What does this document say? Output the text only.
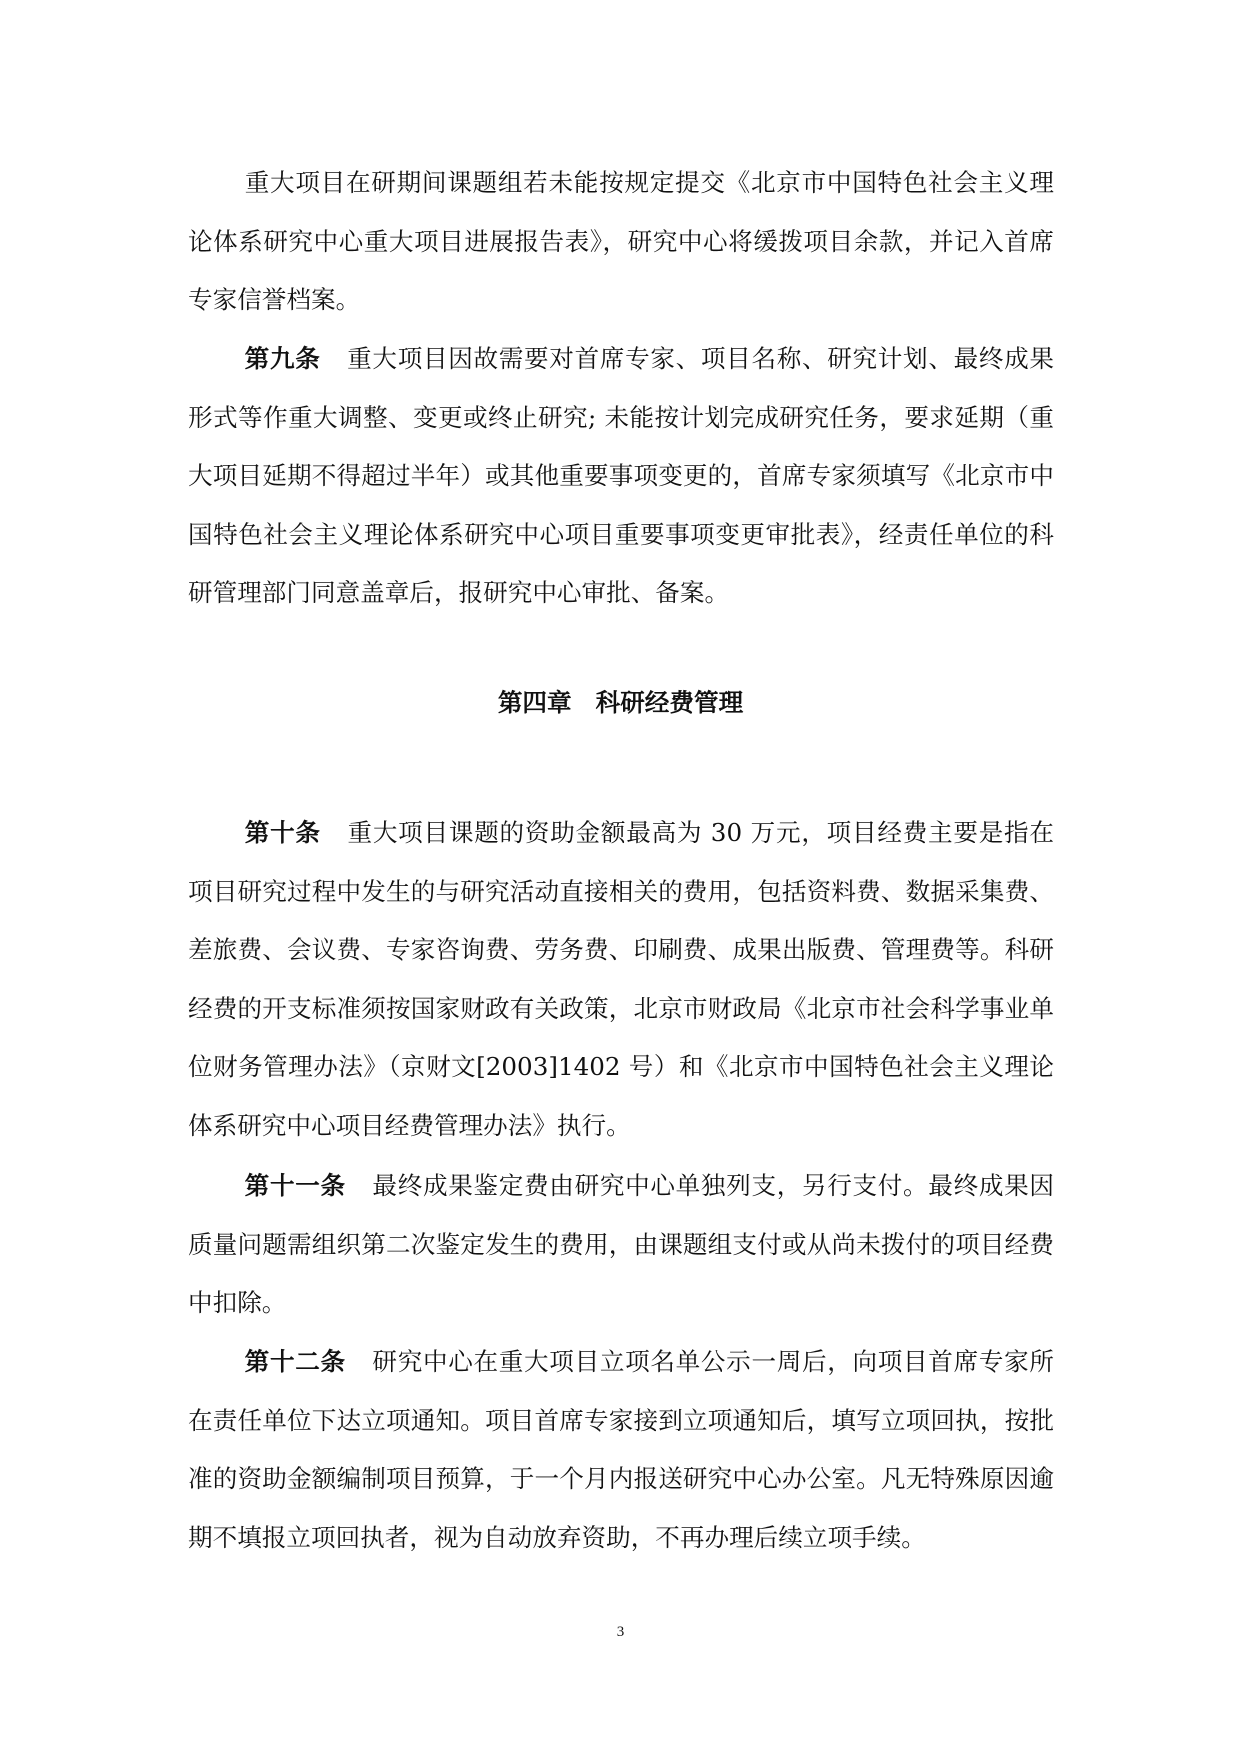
重大项目在研期间课题组若未能按规定提交《北京市中国特色社会主义理论体系研究中心重大项目进展报告表》，研究中心将缓拨项目余款，并记入首席专家信誉档案。

第九条 重大项目因故需要对首席专家、项目名称、研究计划、最终成果形式等作重大调整、变更或终止研究; 未能按计划完成研究任务，要求延期（重大项目延期不得超过半年）或其他重要事项变更的，首席专家须填写《北京市中国特色社会主义理论体系研究中心项目重要事项变更审批表》，经责任单位的科研管理部门同意盖章后，报研究中心审批、备案。

第四章 科研经费管理

第十条 重大项目课题的资助金额最高为 30 万元，项目经费主要是指在项目研究过程中发生的与研究活动直接相关的费用，包括资料费、数据采集费、差旅费、会议费、专家咨询费、劳务费、印刷费、成果出版费、管理费等。科研经费的开支标准须按国家财政有关政策，北京市财政局《北京市社会科学事业单位财务管理办法》（京财文[2003]1402 号）和《北京市中国特色社会主义理论体系研究中心项目经费管理办法》执行。

第十一条 最终成果鉴定费由研究中心单独列支，另行支付。最终成果因质量问题需组织第二次鉴定发生的费用，由课题组支付或从尚未拨付的项目经费中扣除。

第十二条 研究中心在重大项目立项名单公示一周后，向项目首席专家所在责任单位下达立项通知。项目首席专家接到立项通知后，填写立项回执，按批准的资助金额编制项目预算，于一个月内报送研究中心办公室。凡无特殊原因逾期不填报立项回执者，视为自动放弃资助，不再办理后续立项手续。

3
